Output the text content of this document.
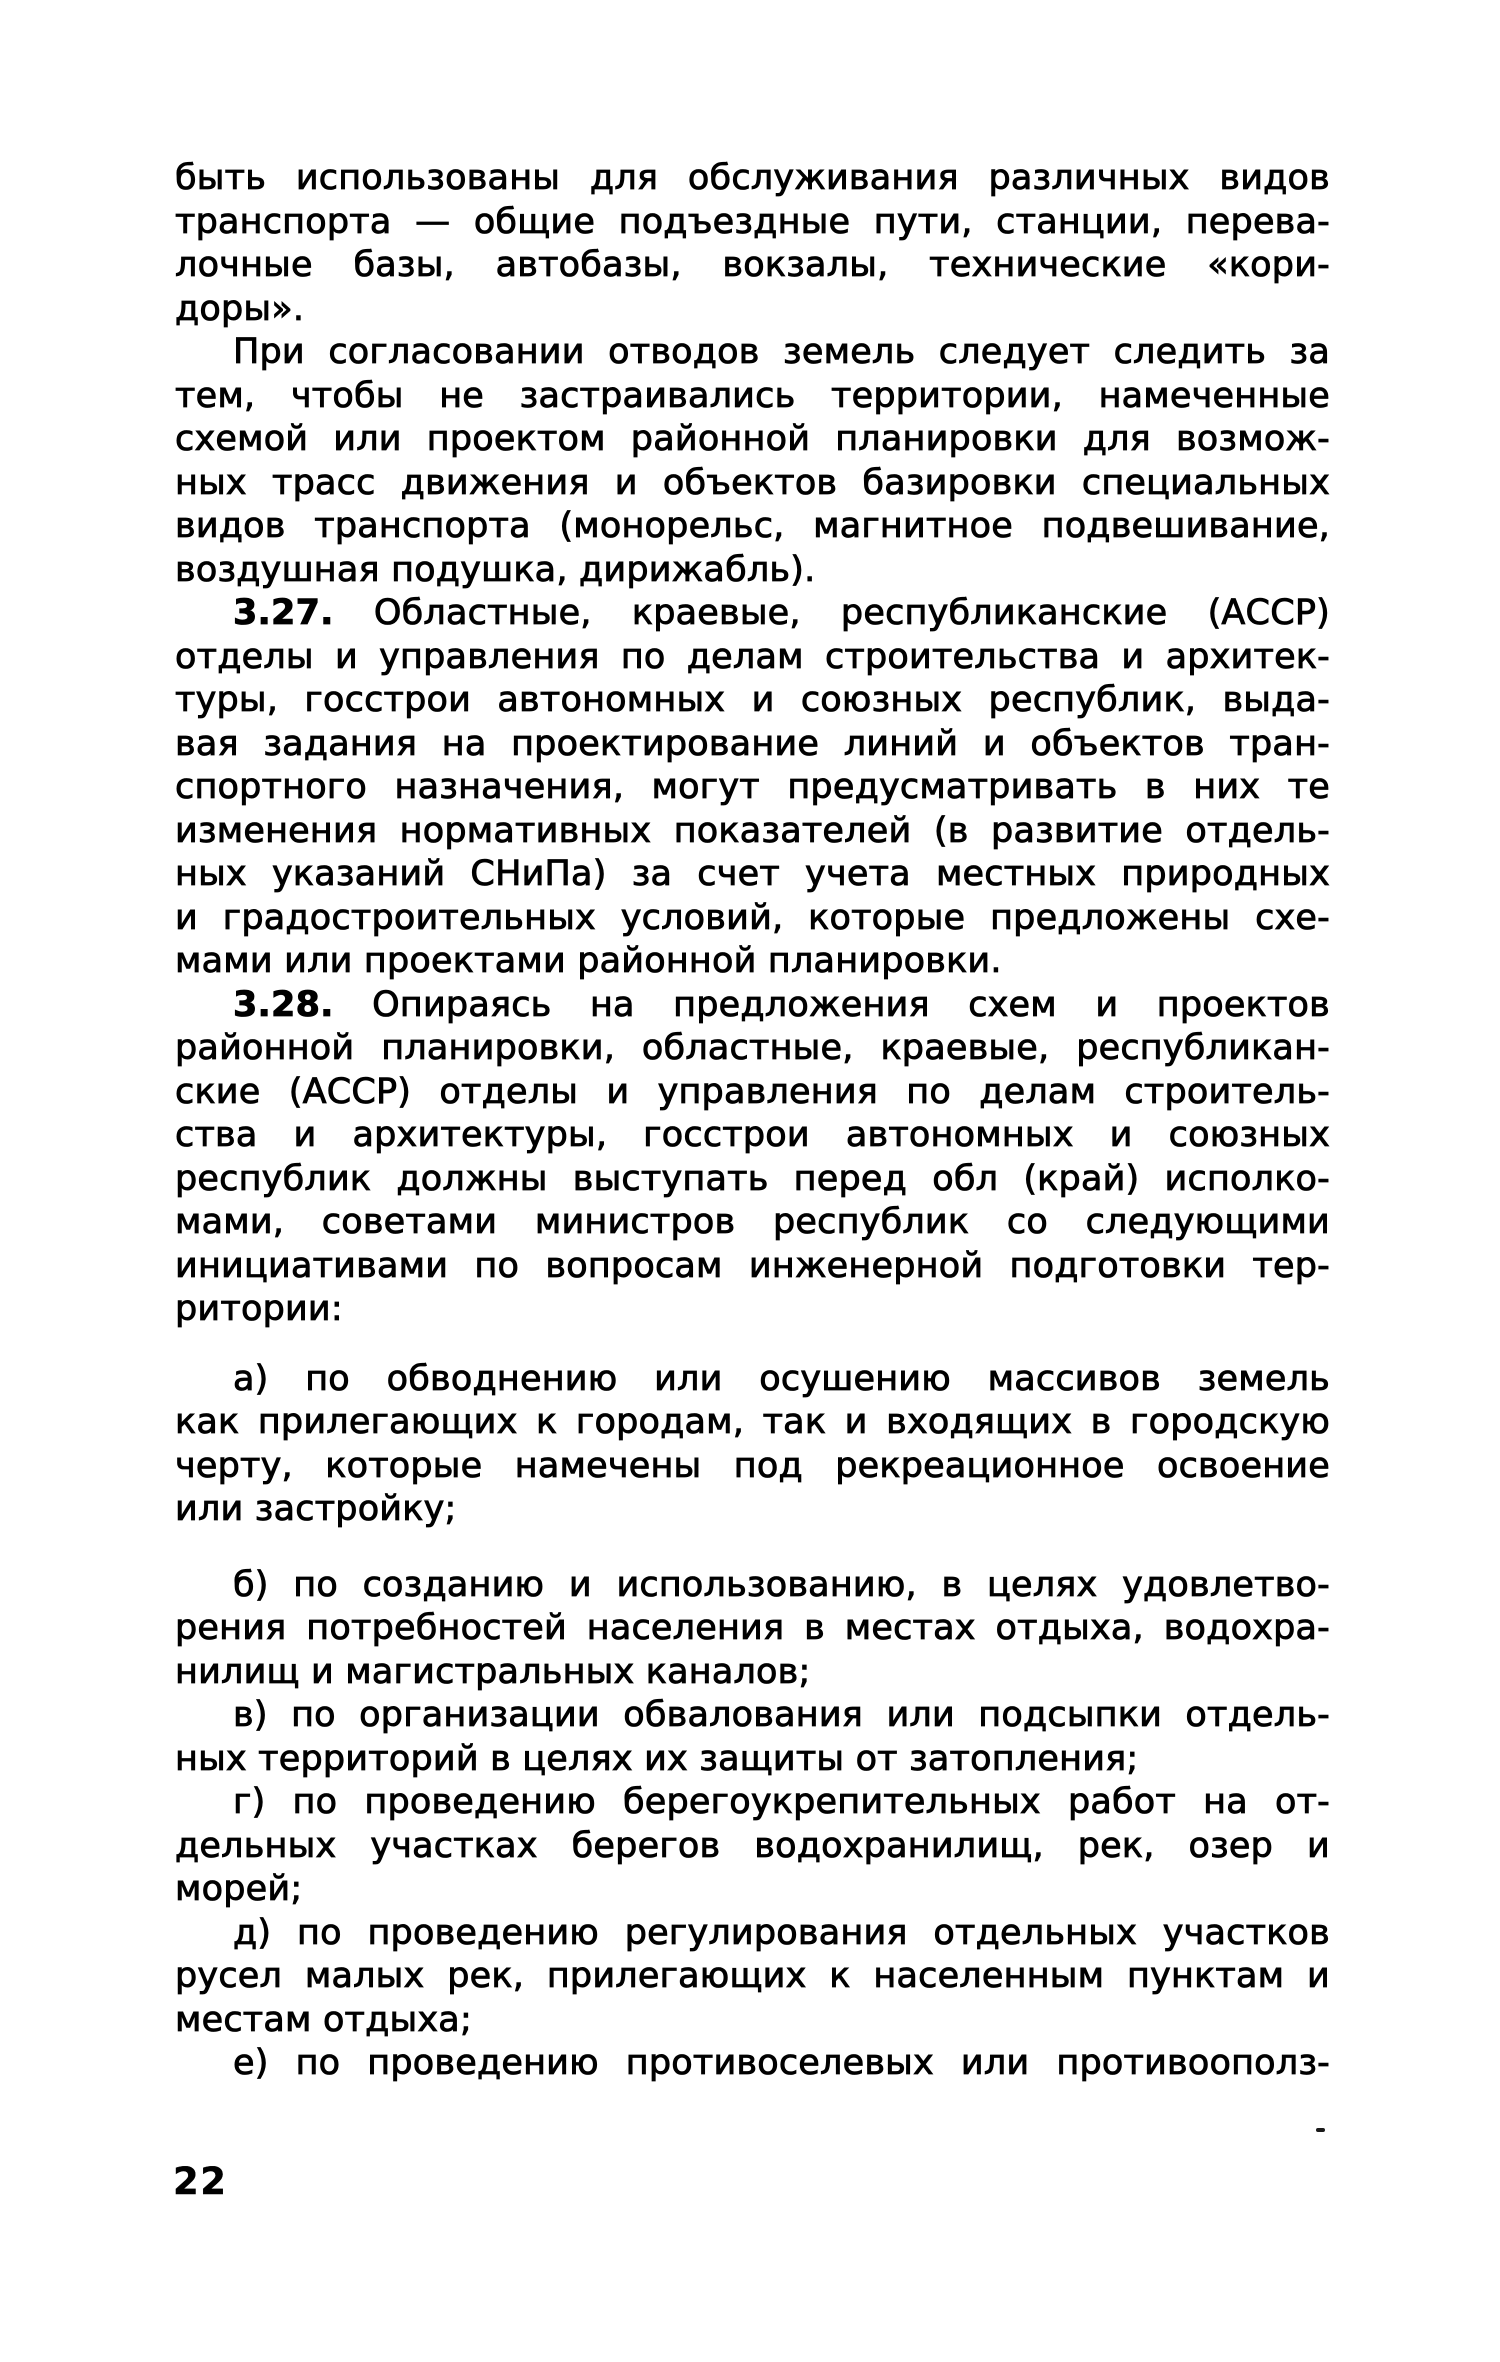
быть использованы для обслуживания различных видов
транспорта — общие подъездные пути, станции, перева-
лочные базы, автобазы, вокзалы, технические «кори-
доры».
При согласовании отводов земель следует следить за
тем, чтобы не застраивались территории, намеченные
схемой или проектом районной планировки для возмож-
ных трасс движения и объектов базировки специальных
видов транспорта (монорельс, магнитное подвешивание,
воздушная подушка, дирижабль).
3.27. Областные, краевые, республиканские (АССР)
отделы и управления по делам строительства и архитек-
туры, госстрои автономных и союзных республик, выда-
вая задания на проектирование линий и объектов тран-
спортного назначения, могут предусматривать в них те
изменения нормативных показателей (в развитие отдель-
ных указаний СНиПа) за счет учета местных природных
и градостроительных условий, которые предложены схе-
мами или проектами районной планировки.
3.28. Опираясь на предложения схем и проектов
районной планировки, областные, краевые, республикан-
ские (АССР) отделы и управления по делам строитель-
ства и архитектуры, госстрои автономных и союзных
республик должны выступать перед обл (край) исполко-
мами, советами министров республик со следующими
инициативами по вопросам инженерной подготовки тер-
ритории:
а) по обводнению или осушению массивов земель
как прилегающих к городам, так и входящих в городскую
черту, которые намечены под рекреационное освоение
или застройку;
б) по созданию и использованию, в целях удовлетво-
рения потребностей населения в местах отдыха, водохра-
нилищ и магистральных каналов;
в) по организации обвалования или подсыпки отдель-
ных территорий в целях их защиты от затопления;
г) по проведению берегоукрепительных работ на от-
дельных участках берегов водохранилищ, рек, озер и
морей;
д) по проведению регулирования отдельных участков
русел малых рек, прилегающих к населенным пунктам и
местам отдыха;
е) по проведению противоселевых или противоополз-
22
